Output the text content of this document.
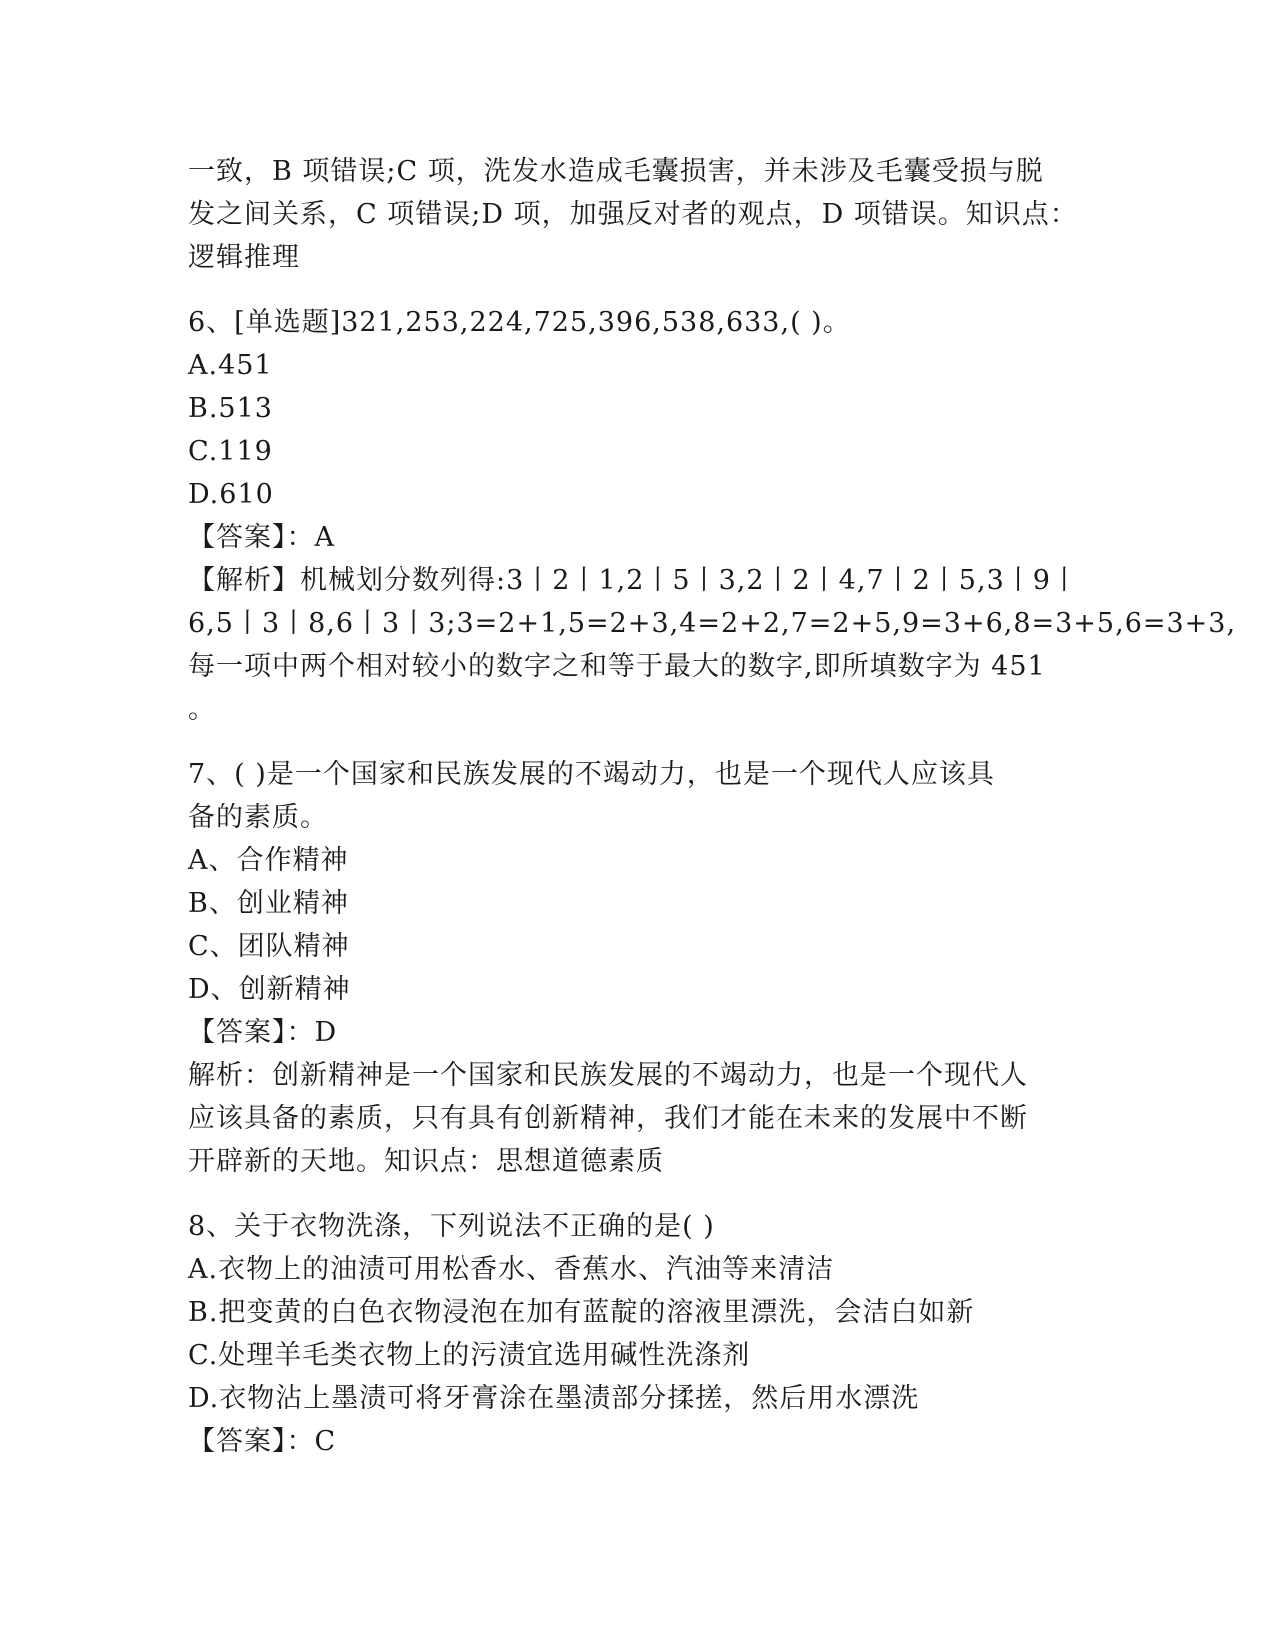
一致，B 项错误;C 项，洗发水造成毛囊损害，并未涉及毛囊受损与脱
发之间关系，C 项错误;D 项，加强反对者的观点，D 项错误。知识点：
逻辑推理
6、[单选题]321,253,224,725,396,538,633,( )。
A.451
B.513
C.119
D.610
【答案】：A
【解析】机械划分数列得:3丨2丨1,2丨5丨3,2丨2丨4,7丨2丨5,3丨9丨
6,5丨3丨8,6丨3丨3;3=2+1,5=2+3,4=2+2,7=2+5,9=3+6,8=3+5,6=3+3,
每一项中两个相对较小的数字之和等于最大的数字,即所填数字为 451
。
7、( )是一个国家和民族发展的不竭动力，也是一个现代人应该具
备的素质。
A、合作精神
B、创业精神
C、团队精神
D、创新精神
【答案】：D
解析：创新精神是一个国家和民族发展的不竭动力，也是一个现代人
应该具备的素质，只有具有创新精神，我们才能在未来的发展中不断
开辟新的天地。知识点：思想道德素质
8、关于衣物洗涤，下列说法不正确的是( )
A.衣物上的油渍可用松香水、香蕉水、汽油等来清洁
B.把变黄的白色衣物浸泡在加有蓝靛的溶液里漂洗，会洁白如新
C.处理羊毛类衣物上的污渍宜选用碱性洗涤剂
D.衣物沾上墨渍可将牙膏涂在墨渍部分揉搓，然后用水漂洗
【答案】：C
